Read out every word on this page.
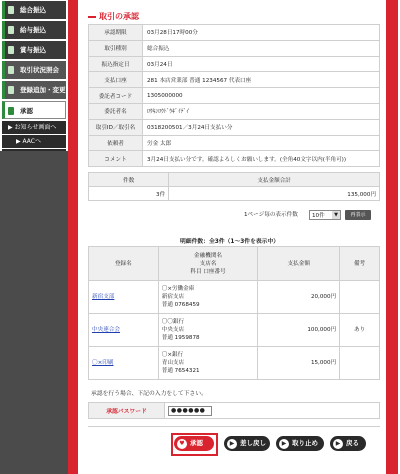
総合振込
給与振込
賞与振込
取引状況照会
登録追加・変更
承認
▶ お知らせ画面へ
▶ AACへ
取引の承認
承認期限	03月28日17時00分
取引種別	総合振込
振込指定日	03月24日
支払口座	281 本店営業部 普通 1234567 代表口座
委託者コード	1305000000
委託者名	ﾛｳｷﾝﾛｳﾄﾞｳｷﾞｲﾃﾞｲ
取引ID／取引名	0318200501／3月24日支払い分
依頼者	労金 太郎
コメント	3月24日支払い分です。確認よろしくお願いします。(全角40文字以内(半角可))
件数	支払金額合計
3件	135,000円
1ページ毎の表示件数	10件	▼	再表示
明細件数：全3件（1〜3件を表示中）
登録名	金融機関名
支店名
科目 口座番号	支払金額	備考
新宿支部	〇×労働金庫
新宿支店
普通 0768459	20,000円	
中央連合会	〇〇銀行
中央支店
普通 1959878	100,000円	あり
〇×印刷	〇×銀行
青山支店
普通 7654321	15,000円	
承認を行う場合、下記の入力をして下さい。
承認パスワード	●●●●●●
♥ 承認	▶ 差し戻し	▶ 取り止め	▶ 戻る
